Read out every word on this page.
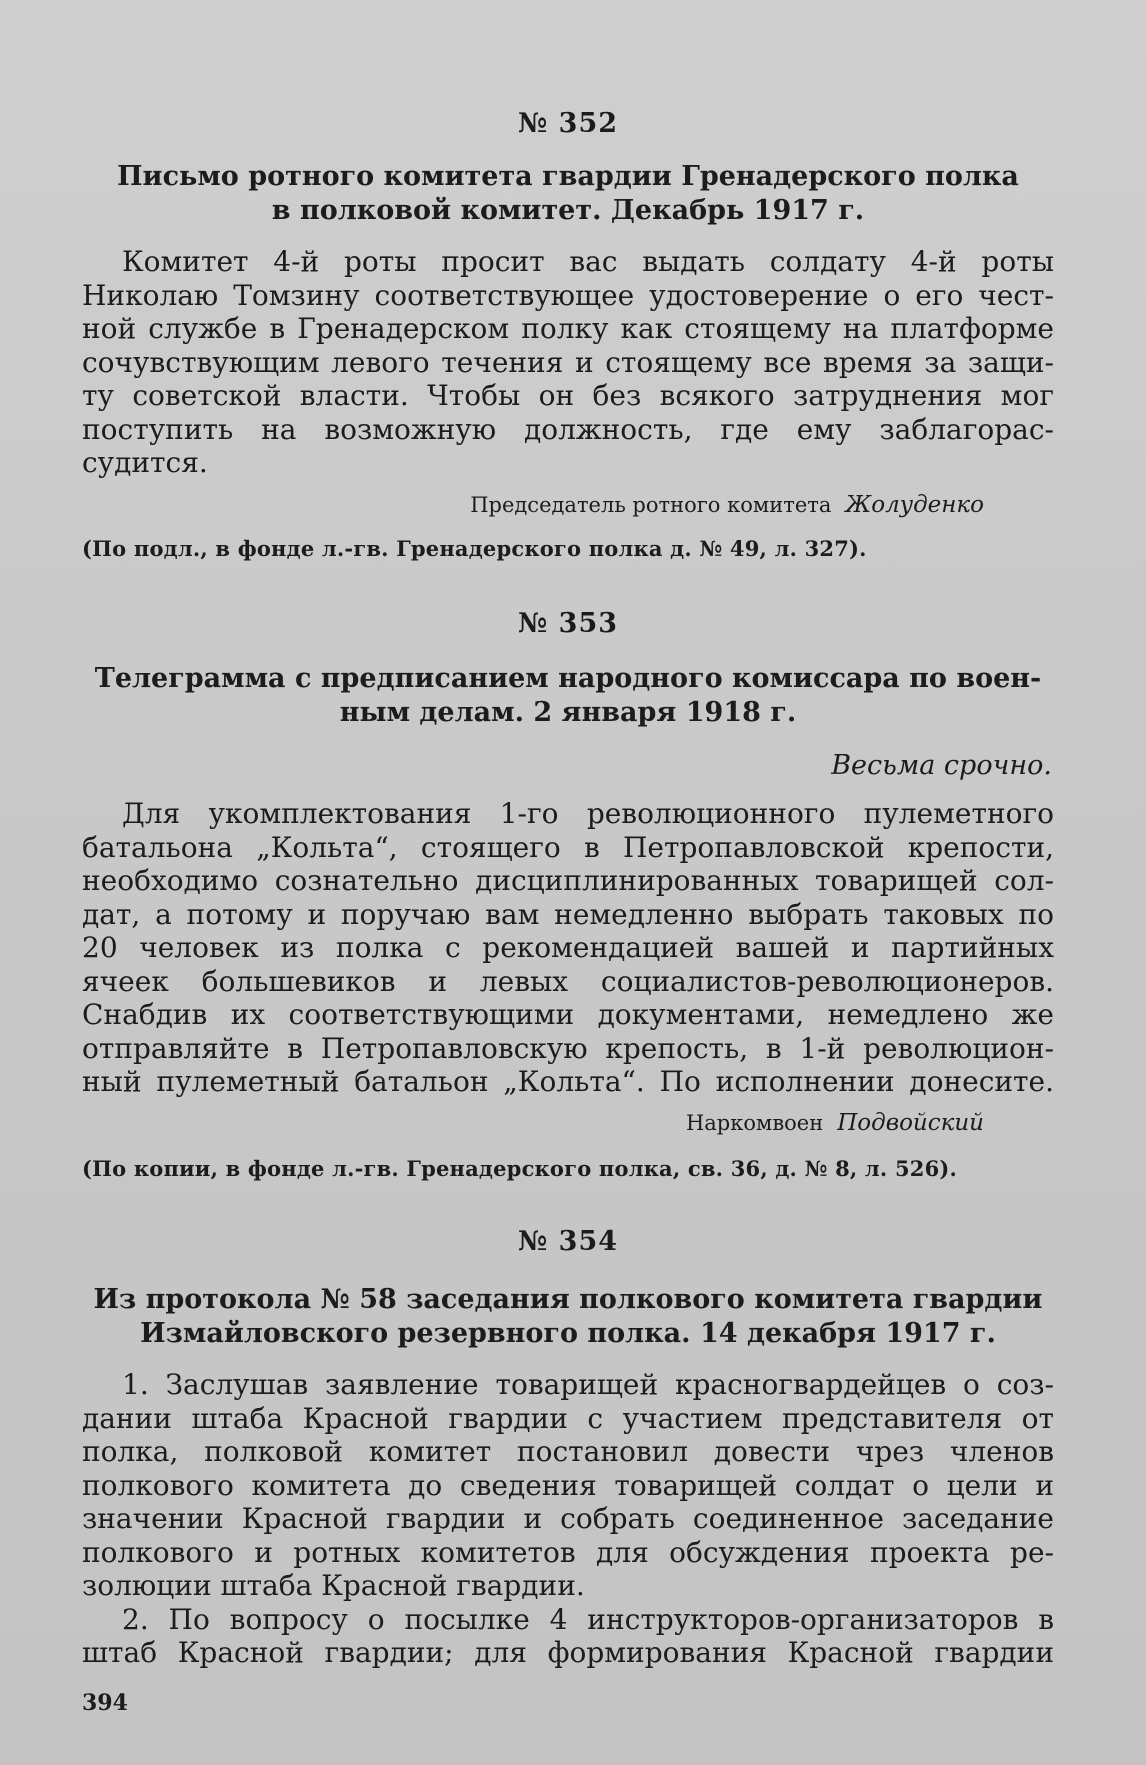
№ 352
Письмо ротного комитета гвардии Гренадерского полка
в полковой комитет. Декабрь 1917 г.
Комитет 4-й роты просит вас выдать солдату 4-й роты
Николаю Томзину соответствующее удостоверение о его чест-
ной службе в Гренадерском полку как стоящему на платформе
сочувствующим левого течения и стоящему все время за защи-
ту советской власти. Чтобы он без всякого затруднения мог
поступить на возможную должность, где ему заблагорас-
судится.
Председатель ротного комитета Жолуденко
(По подл., в фонде л.-гв. Гренадерского полка д. № 49, л. 327).
№ 353
Телеграмма с предписанием народного комиссара по воен-
ным делам. 2 января 1918 г.
Весьма срочно.
Для укомплектования 1-го революционного пулеметного
батальона „Кольта“, стоящего в Петропавловской крепости,
необходимо сознательно дисциплинированных товарищей сол-
дат, а потому и поручаю вам немедленно выбрать таковых по
20 человек из полка с рекомендацией вашей и партийных
ячеек большевиков и левых социалистов-революционеров.
Снабдив их соответствующими документами, немедлено же
отправляйте в Петропавловскую крепость, в 1-й революцион-
ный пулеметный батальон „Кольта“. По исполнении донесите.
Наркомвоен Подвойский
(По копии, в фонде л.-гв. Гренадерского полка, св. 36, д. № 8, л. 526).
№ 354
Из протокола № 58 заседания полкового комитета гвардии
Измайловского резервного полка. 14 декабря 1917 г.
1. Заслушав заявление товарищей красногвардейцев о соз-
дании штаба Красной гвардии с участием представителя от
полка, полковой комитет постановил довести чрез членов
полкового комитета до сведения товарищей солдат о цели и
значении Красной гвардии и собрать соединенное заседание
полкового и ротных комитетов для обсуждения проекта ре-
золюции штаба Красной гвардии.
2. По вопросу о посылке 4 инструкторов-организаторов в
штаб Красной гвардии; для формирования Красной гвардии
394
